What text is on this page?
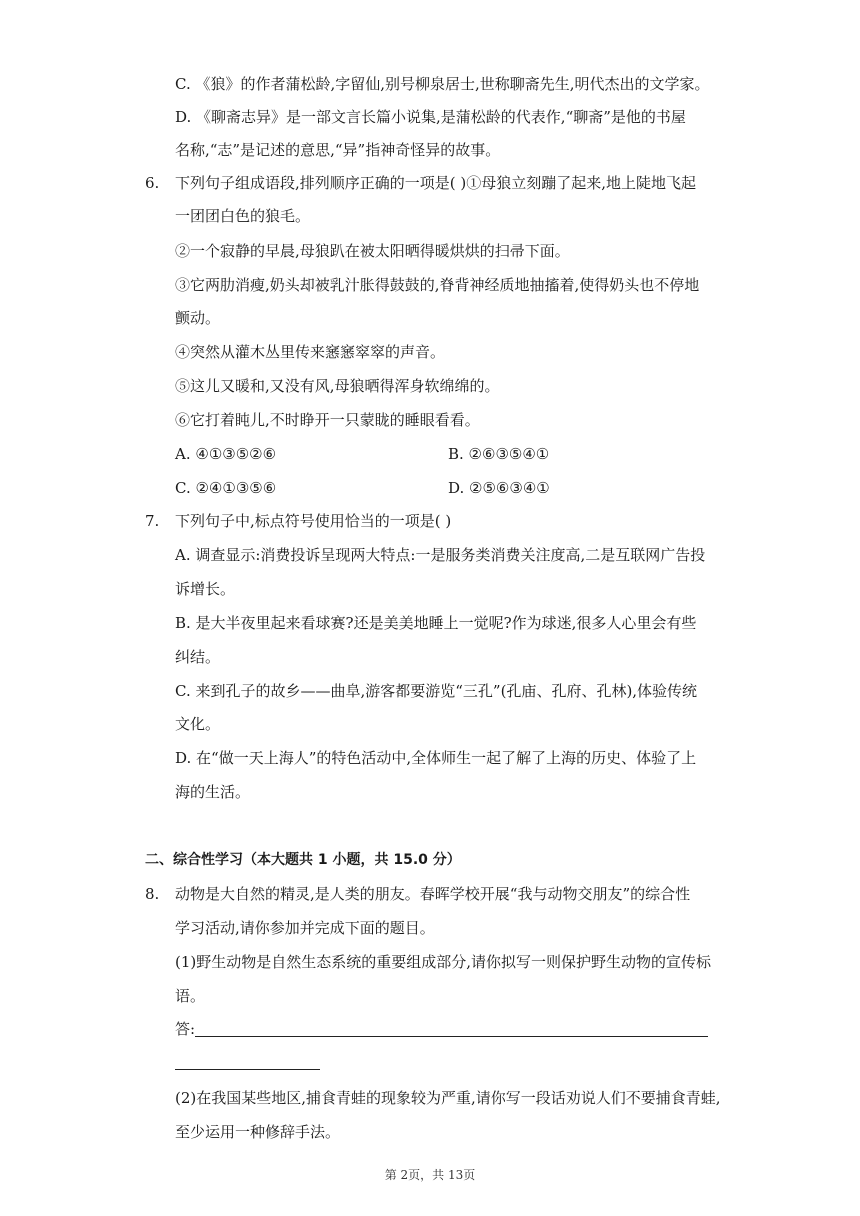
C. 《狼》的作者蒲松龄,字留仙,别号柳泉居士,世称聊斋先生,明代杰出的文学家。
D. 《聊斋志异》是一部文言长篇小说集,是蒲松龄的代表作,“聊斋”是他的书屋
名称,“志”是记述的意思,“异”指神奇怪异的故事。
6. 下列句子组成语段,排列顺序正确的一项是( )①母狼立刻蹦了起来,地上陡地飞起
一团团白色的狼毛。
②一个寂静的早晨,母狼趴在被太阳晒得暖烘烘的扫帚下面。
③它两肋消瘦,奶头却被乳汁胀得鼓鼓的,脊背神经质地抽搐着,使得奶头也不停地
颤动。
④突然从灌木丛里传来窸窸窣窣的声音。
⑤这儿又暖和,又没有风,母狼晒得浑身软绵绵的。
⑥它打着盹儿,不时睁开一只蒙眬的睡眼看看。
A. ④①③⑤②⑥	B. ②⑥③⑤④①
C. ②④①③⑤⑥	D. ②⑤⑥③④①
7. 下列句子中,标点符号使用恰当的一项是( )
A. 调查显示:消费投诉呈现两大特点:一是服务类消费关注度高,二是互联网广告投
诉增长。
B. 是大半夜里起来看球赛?还是美美地睡上一觉呢?作为球迷,很多人心里会有些
纠结。
C. 来到孔子的故乡——曲阜,游客都要游览“三孔”(孔庙、孔府、孔林),体验传统
文化。
D. 在“做一天上海人”的特色活动中,全体师生一起了解了上海的历史、体验了上
海的生活。
二、综合性学习（本大题共 1 小题，共 15.0 分）
8. 动物是大自然的精灵,是人类的朋友。春晖学校开展“我与动物交朋友”的综合性
学习活动,请你参加并完成下面的题目。
(1)野生动物是自然生态系统的重要组成部分,请你拟写一则保护野生动物的宣传标
语。
答:
(2)在我国某些地区,捕食青蛙的现象较为严重,请你写一段话劝说人们不要捕食青蛙,
至少运用一种修辞手法。
第 2页，共 13页
